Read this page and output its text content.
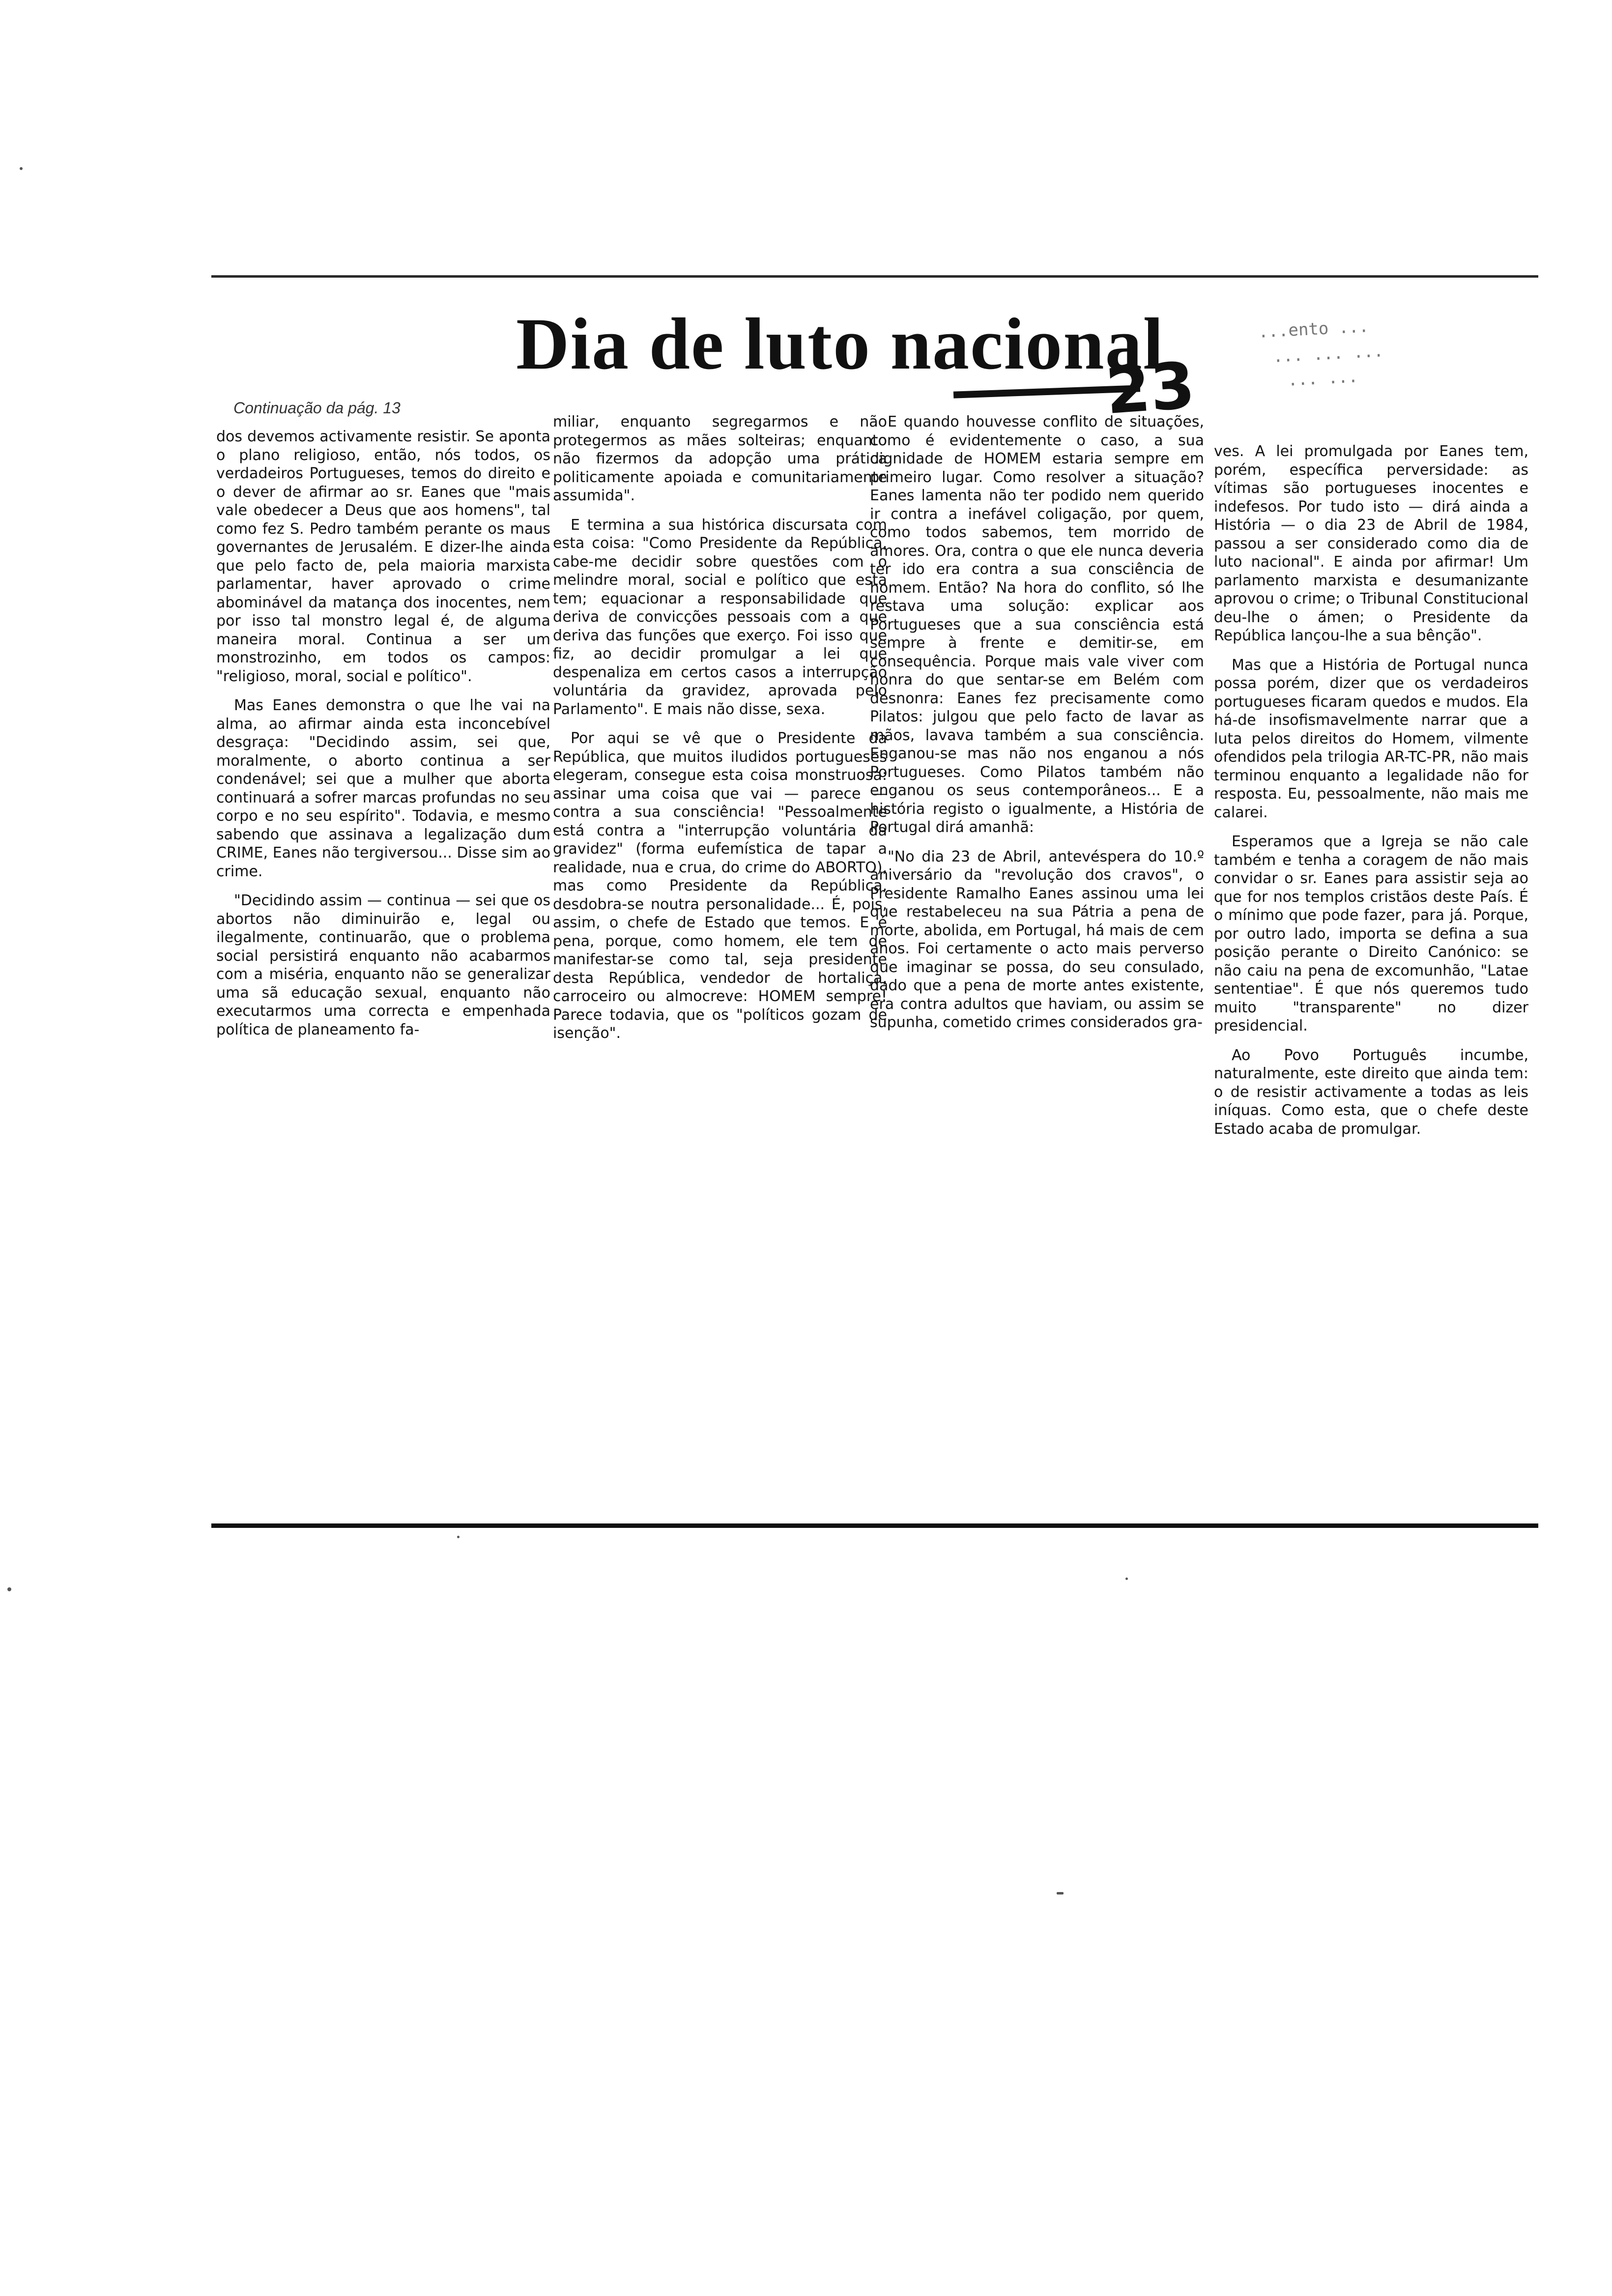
Dia de luto nacional
23
...ento ...
... ... ...
... ...
Continuação da pág. 13

dos devemos activamente resistir. Se aponta o plano religioso, então, nós todos, os verdadeiros Portugueses, temos do direito e o dever de afirmar ao sr. Eanes que "mais vale obedecer a Deus que aos homens", tal como fez S. Pedro também perante os maus governantes de Jerusalém. E dizer-lhe ainda que pelo facto de, pela maioria marxista parlamentar, haver aprovado o crime abominável da matança dos inocentes, nem por isso tal monstro legal é, de alguma maneira moral. Continua a ser um monstrozinho, em todos os campos: "religioso, moral, social e político".

Mas Eanes demonstra o que lhe vai na alma, ao afirmar ainda esta inconcebível desgraça: "Decidindo assim, sei que, moralmente, o aborto continua a ser condenável; sei que a mulher que aborta continuará a sofrer marcas profundas no seu corpo e no seu espírito". Todavia, e mesmo sabendo que assinava a legalização dum CRIME, Eanes não tergiversou... Disse sim ao crime.

"Decidindo assim — continua — sei que os abortos não diminuirão e, legal ou ilegalmente, continuarão, que o problema social persistirá enquanto não acabarmos com a miséria, enquanto não se generalizar uma sã educação sexual, enquanto não executarmos uma correcta e empenhada política de planeamento fa-

miliar, enquanto segregarmos e não protegermos as mães solteiras; enquanto não fizermos da adopção uma prática politicamente apoiada e comunitariamente assumida".

E termina a sua histórica discursata com esta coisa: "Como Presidente da República, cabe-me decidir sobre questões com o melindre moral, social e político que esta tem; equacionar a responsabilidade que deriva de convicções pessoais com a que deriva das funções que exerço. Foi isso que fiz, ao decidir promulgar a lei que despenaliza em certos casos a interrupção voluntária da gravidez, aprovada pelo Parlamento". E mais não disse, sexa.

Por aqui se vê que o Presidente da República, que muitos iludidos portugueses elegeram, consegue esta coisa monstruosa: assinar uma coisa que vai — parece — contra a sua consciência! "Pessoalmente está contra a "interrupção voluntária da gravidez" (forma eufemística de tapar a realidade, nua e crua, do crime do ABORTO), mas como Presidente da República, desdobra-se noutra personalidade... É, pois, assim, o chefe de Estado que temos. E é pena, porque, como homem, ele tem de manifestar-se como tal, seja presidente desta República, vendedor de hortaliça, carroceiro ou almocreve: HOMEM sempre! Parece todavia, que os "políticos gozam de isenção".

E quando houvesse conflito de situações, como é evidentemente o caso, a sua dignidade de HOMEM estaria sempre em primeiro lugar. Como resolver a situação? Eanes lamenta não ter podido nem querido ir contra a inefável coligação, por quem, como todos sabemos, tem morrido de amores. Ora, contra o que ele nunca deveria ter ido era contra a sua consciência de homem. Então? Na hora do conflito, só lhe restava uma solução: explicar aos Portugueses que a sua consciência está sempre à frente e demitir-se, em consequência. Porque mais vale viver com honra do que sentar-se em Belém com desnonra: Eanes fez precisamente como Pilatos: julgou que pelo facto de lavar as mãos, lavava também a sua consciência. Enganou-se mas não nos enganou a nós Portugueses. Como Pilatos também não enganou os seus contemporâneos... E a história registo o igualmente, a História de Portugal dirá amanhã:

"No dia 23 de Abril, antevéspera do 10.º aniversário da "revolução dos cravos", o Presidente Ramalho Eanes assinou uma lei que restabeleceu na sua Pátria a pena de morte, abolida, em Portugal, há mais de cem anos. Foi certamente o acto mais perverso que imaginar se possa, do seu consulado, dado que a pena de morte antes existente, era contra adultos que haviam, ou assim se supunha, cometido crimes considerados gra-

ves. A lei promulgada por Eanes tem, porém, específica perversidade: as vítimas são portugueses inocentes e indefesos. Por tudo isto — dirá ainda a História — o dia 23 de Abril de 1984, passou a ser considerado como dia de luto nacional". E ainda por afirmar! Um parlamento marxista e desumanizante aprovou o crime; o Tribunal Constitucional deu-lhe o ámen; o Presidente da República lançou-lhe a sua bênção".

Mas que a História de Portugal nunca possa porém, dizer que os verdadeiros portugueses ficaram quedos e mudos. Ela há-de insofismavelmente narrar que a luta pelos direitos do Homem, vilmente ofendidos pela trilogia AR-TC-PR, não mais terminou enquanto a legalidade não for resposta. Eu, pessoalmente, não mais me calarei.

Esperamos que a Igreja se não cale também e tenha a coragem de não mais convidar o sr. Eanes para assistir seja ao que for nos templos cristãos deste País. É o mínimo que pode fazer, para já. Porque, por outro lado, importa se defina a sua posição perante o Direito Canónico: se não caiu na pena de excomunhão, "Latae sententiae". É que nós queremos tudo muito "transparente" no dizer presidencial.

Ao Povo Português incumbe, naturalmente, este direito que ainda tem: o de resistir activamente a todas as leis iníquas. Como esta, que o chefe deste Estado acaba de promulgar.
